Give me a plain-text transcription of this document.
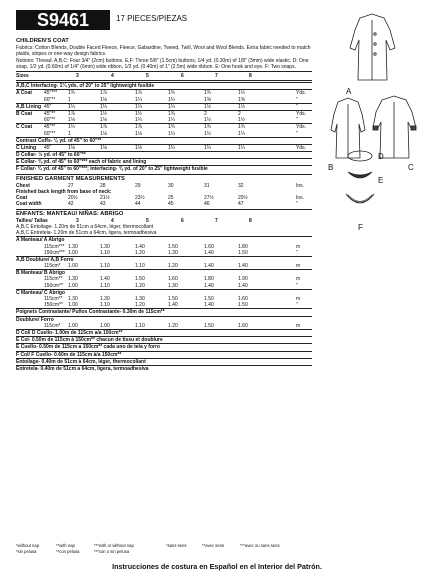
S9461	17 PIECES/PIEZAS
CHILDREN'S COAT
Fabrics: Cotton Blends, Double Faced Fleece, Fleece, Gabardine, Tweed, Twill, Wool and Wool Blends. Extra fabric needed to match plaids, stripes or one-way design fabrics.
Notions: Thread. A,B,C: Four 3/4" (2cm) buttons. E,F: Three 5/8" (1.5cm) buttons, 1/4 yd. (0.30m) of 1/8" (3mm) wide elastic. D: One snap, 1/2 yd. (0.60m) of 1/4" (6mm) wide ribbon, 1/2 yd. (0.40m) of 1" (2.5m) wide ribbon. E: One hook and eye. F: Two snaps.
Sizes	3	4	5	6	7	8
A,B,C Interfacing- 1¼ yds. of 20" to 25" lightweight fusible
A Coat 45"*** 1¾	1⅞	1⅞	1¾	1¾	1½	Yds.
60"**	1	1⅛	1¼	1¼	1⅜	1⅜	"
A,B Lining 45"	1¼	1¼	1¼	1¼	1½	1½	"
B Coat 45"**	1⅞	1½	1½	1¾	2	2	Yds.
60"**	1⅛	1⅛	1¼	1¼	1½	1½	"
C Coat 45"**	1¼	1⅞	1⅞	1¾	1¾	1¾	Yds.
60"**	1	1⅛	1⅛	1¼	1¼	1¼	"
Contrast Cuffs- ⅛ yd. of 45" to 60"**
C Lining 45"	1⅛	1⅛	1⅛	1¼	1¼	1¼	Yds.
D Collar- ½ yd. of 45" to 60"**
E Collar- ⅜ yd. of 45" to 60"*** each of fabric and lining
F Collar- ¾ yd. of 45" to 60"***; Interfacing- ⅜ yd. of 20" to 25" lightweight fusible
FINISHED GARMENT MEASUREMENTS
Chest	27	28	29	30	31	32	Ins.
Finished back length from base of neck:
Coat	20½	21½	23½	25	27½	29½	Ins.
Coat width	42	43	44	45	46	47	"
ENFANTS: MANTEAU/ NIÑAS: ABRIGO
Tailles/ Tallas	3	4	5	6	7	8
A,B,C Entoilage- 1.20m de 51cm a 64cm, léger, thermocollant
A,B,C Entretela- 1.20m de 51cm a 64cm, ligera, termoadhesiva
A Manteau/ A Abrigo
115cm*** 1.30	1.30	1.40	1.50	1.60	1.80	m
150cm*** 1.00	1.10	1.20	1.30	1.40	1.50	"
A,B Doublure/ A,B Forro
115cm* 1.00	1.10	1.10	1.20	1.40	1.40	m
B Manteau/ B Abrigo
115cm** 1.30	1.40	1.50	1.60	1.80	1.90	m
150cm** 1.00	1.10	1.20	1.30	1.40	1.40	"
C Manteau/ C Abrigo
115cm** 1.30	1.30	1.30	1.50	1.50	1.60	m
150cm** 1.00	1.10	1.20	1.40	1.40	1.50	"
Poignets Contrastante/ Puños Contrastante- 0.30m de 115cm**
Doublure/ Forro
115cm* 1.00	1.00	1.10	1.20	1.50	1.60	m
D Col/ D Cuello- 1.00m de 115cm a/a 150cm**
E Col- 0.50m de 115cm à 150cm** chacun de tissu et doublure
E Cuello- 0.50m de 115cm a 150cm** cada uno de tela y forro
F Col/ F Cuello- 0.60m de 115cm à/a 150cm**
Entoilage- 0.40m de 51cm à 64cm, léger, thermocollant
Entretela- 0.40m de 51cm a 64cm, ligera, termoadhesiva
A
B	C
D
E
F
*without nap	**with nap	***with or without nap	*sans sens	**avec sens	***avec ou sans sens
*sin pelusa	**con pelusa	***con o sin pelusa
Instrucciones de costura en Español en el Interior del Patrón.
